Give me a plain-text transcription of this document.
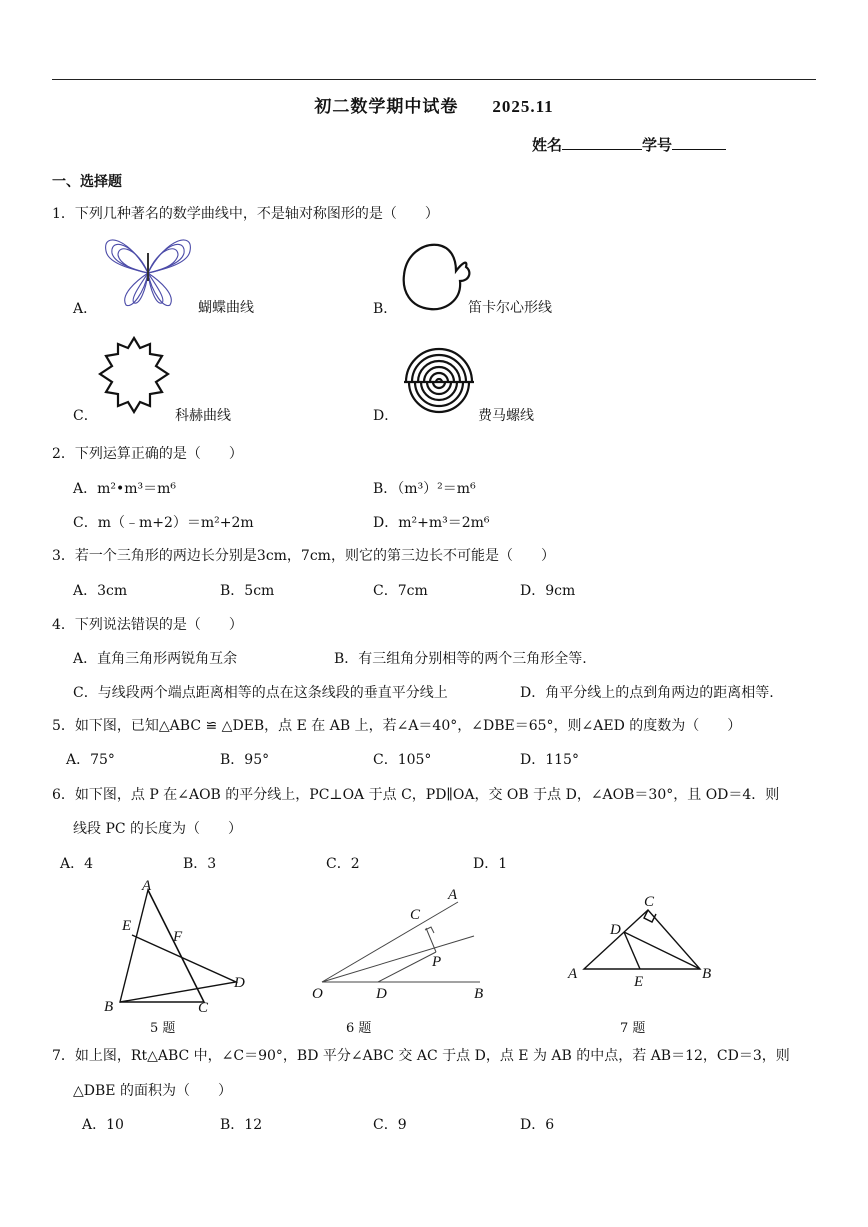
初二数学期中试卷 2025.11
姓名	学号
一、选择题
1．下列几种著名的数学曲线中，不是轴对称图形的是（　　）
A．	蝴蝶曲线	B．	笛卡尔心形线
C．	科赫曲线	D．	费马螺线
2．下列运算正确的是（　　）
A．m²•m³＝m⁶	B．（m³）²＝m⁶
C．m（﹣m+2）＝m²+2m	D．m²+m³＝2m⁶
3．若一个三角形的两边长分别是3cm，7cm，则它的第三边长不可能是（　　）
A．3cm	B．5cm	C．7cm	D．9cm
4．下列说法错误的是（　　）
A．直角三角形两锐角互余	B．有三组角分别相等的两个三角形全等.
C．与线段两个端点距离相等的点在这条线段的垂直平分线上	D．角平分线上的点到角两边的距离相等.
5．如下图，已知△ABC ≌ △DEB，点 E 在 AB 上，若∠A＝40°，∠DBE＝65°，则∠AED 的度数为（　　）
A．75°	B．95°	C．105°	D．115°
6．如下图，点 P 在∠AOB 的平分线上，PC⊥OA 于点 C，PD∥OA，交 OB 于点 D，∠AOB＝30°，且 OD＝4．则
线段 PC 的长度为（　　）
A．4	B．3	C．2	D．1
A
E
F
D
B	C
5 题
A
C
P
O	D	B
6 题
C
D
A	E	B
7 题
7．如上图，Rt△ABC 中，∠C＝90°，BD 平分∠ABC 交 AC 于点 D，点 E 为 AB 的中点，若 AB＝12，CD＝3，则
△DBE 的面积为（　　）
A．10	B．12	C．9	D．6
